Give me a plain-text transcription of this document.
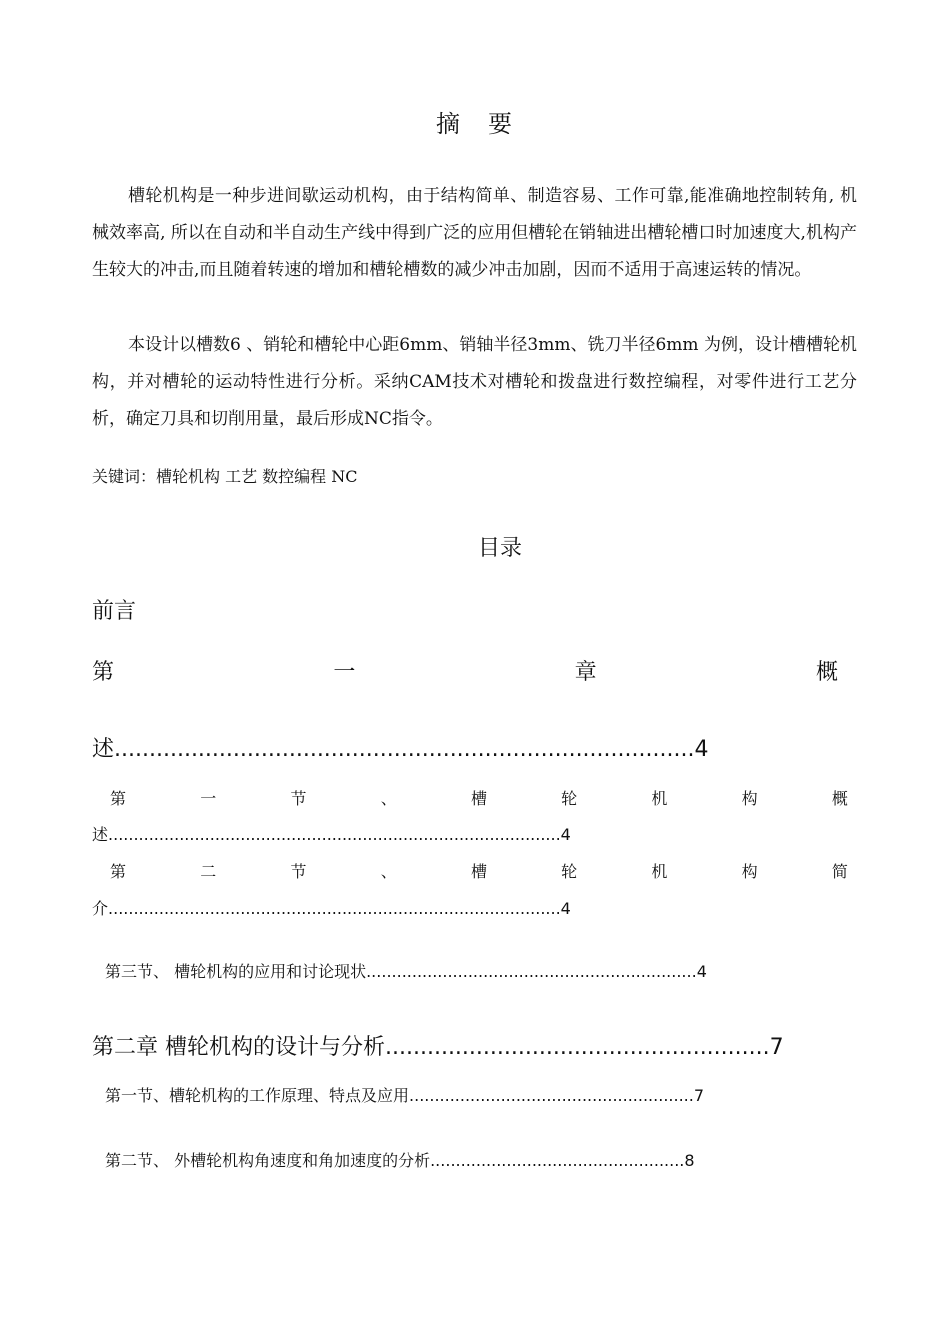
摘　要

槽轮机构是一种步进间歇运动机构，由于结构简单、制造容易、工作可靠,能准确地控制转角, 机械效率高, 所以在自动和半自动生产线中得到广泛的应用但槽轮在销轴进出槽轮槽口时加速度大,机构产生较大的冲击,而且随着转速的增加和槽轮槽数的减少冲击加剧，因而不适用于高速运转的情况。

本设计以槽数6 、销轮和槽轮中心距6mm、销轴半径3mm、铣刀半径6mm 为例，设计槽槽轮机构，并对槽轮的运动特性进行分析。采纳CAM技术对槽轮和拨盘进行数控编程，对零件进行工艺分析，确定刀具和切削用量，最后形成NC指令。

关键词：槽轮机构 工艺 数控编程 NC
目录
前言
第	一	章	概
述...................................................................................4
第	一	节	、	槽	轮	机	构	概
述.........................................................................................4
第	二	节	、	槽	轮	机	构	简
介.........................................................................................4
第三节、 槽轮机构的应用和讨论现状.................................................................4
第二章 槽轮机构的设计与分析.......................................................7
第一节、槽轮机构的工作原理、特点及应用........................................................7
第二节、 外槽轮机构角速度和角加速度的分析..................................................8
